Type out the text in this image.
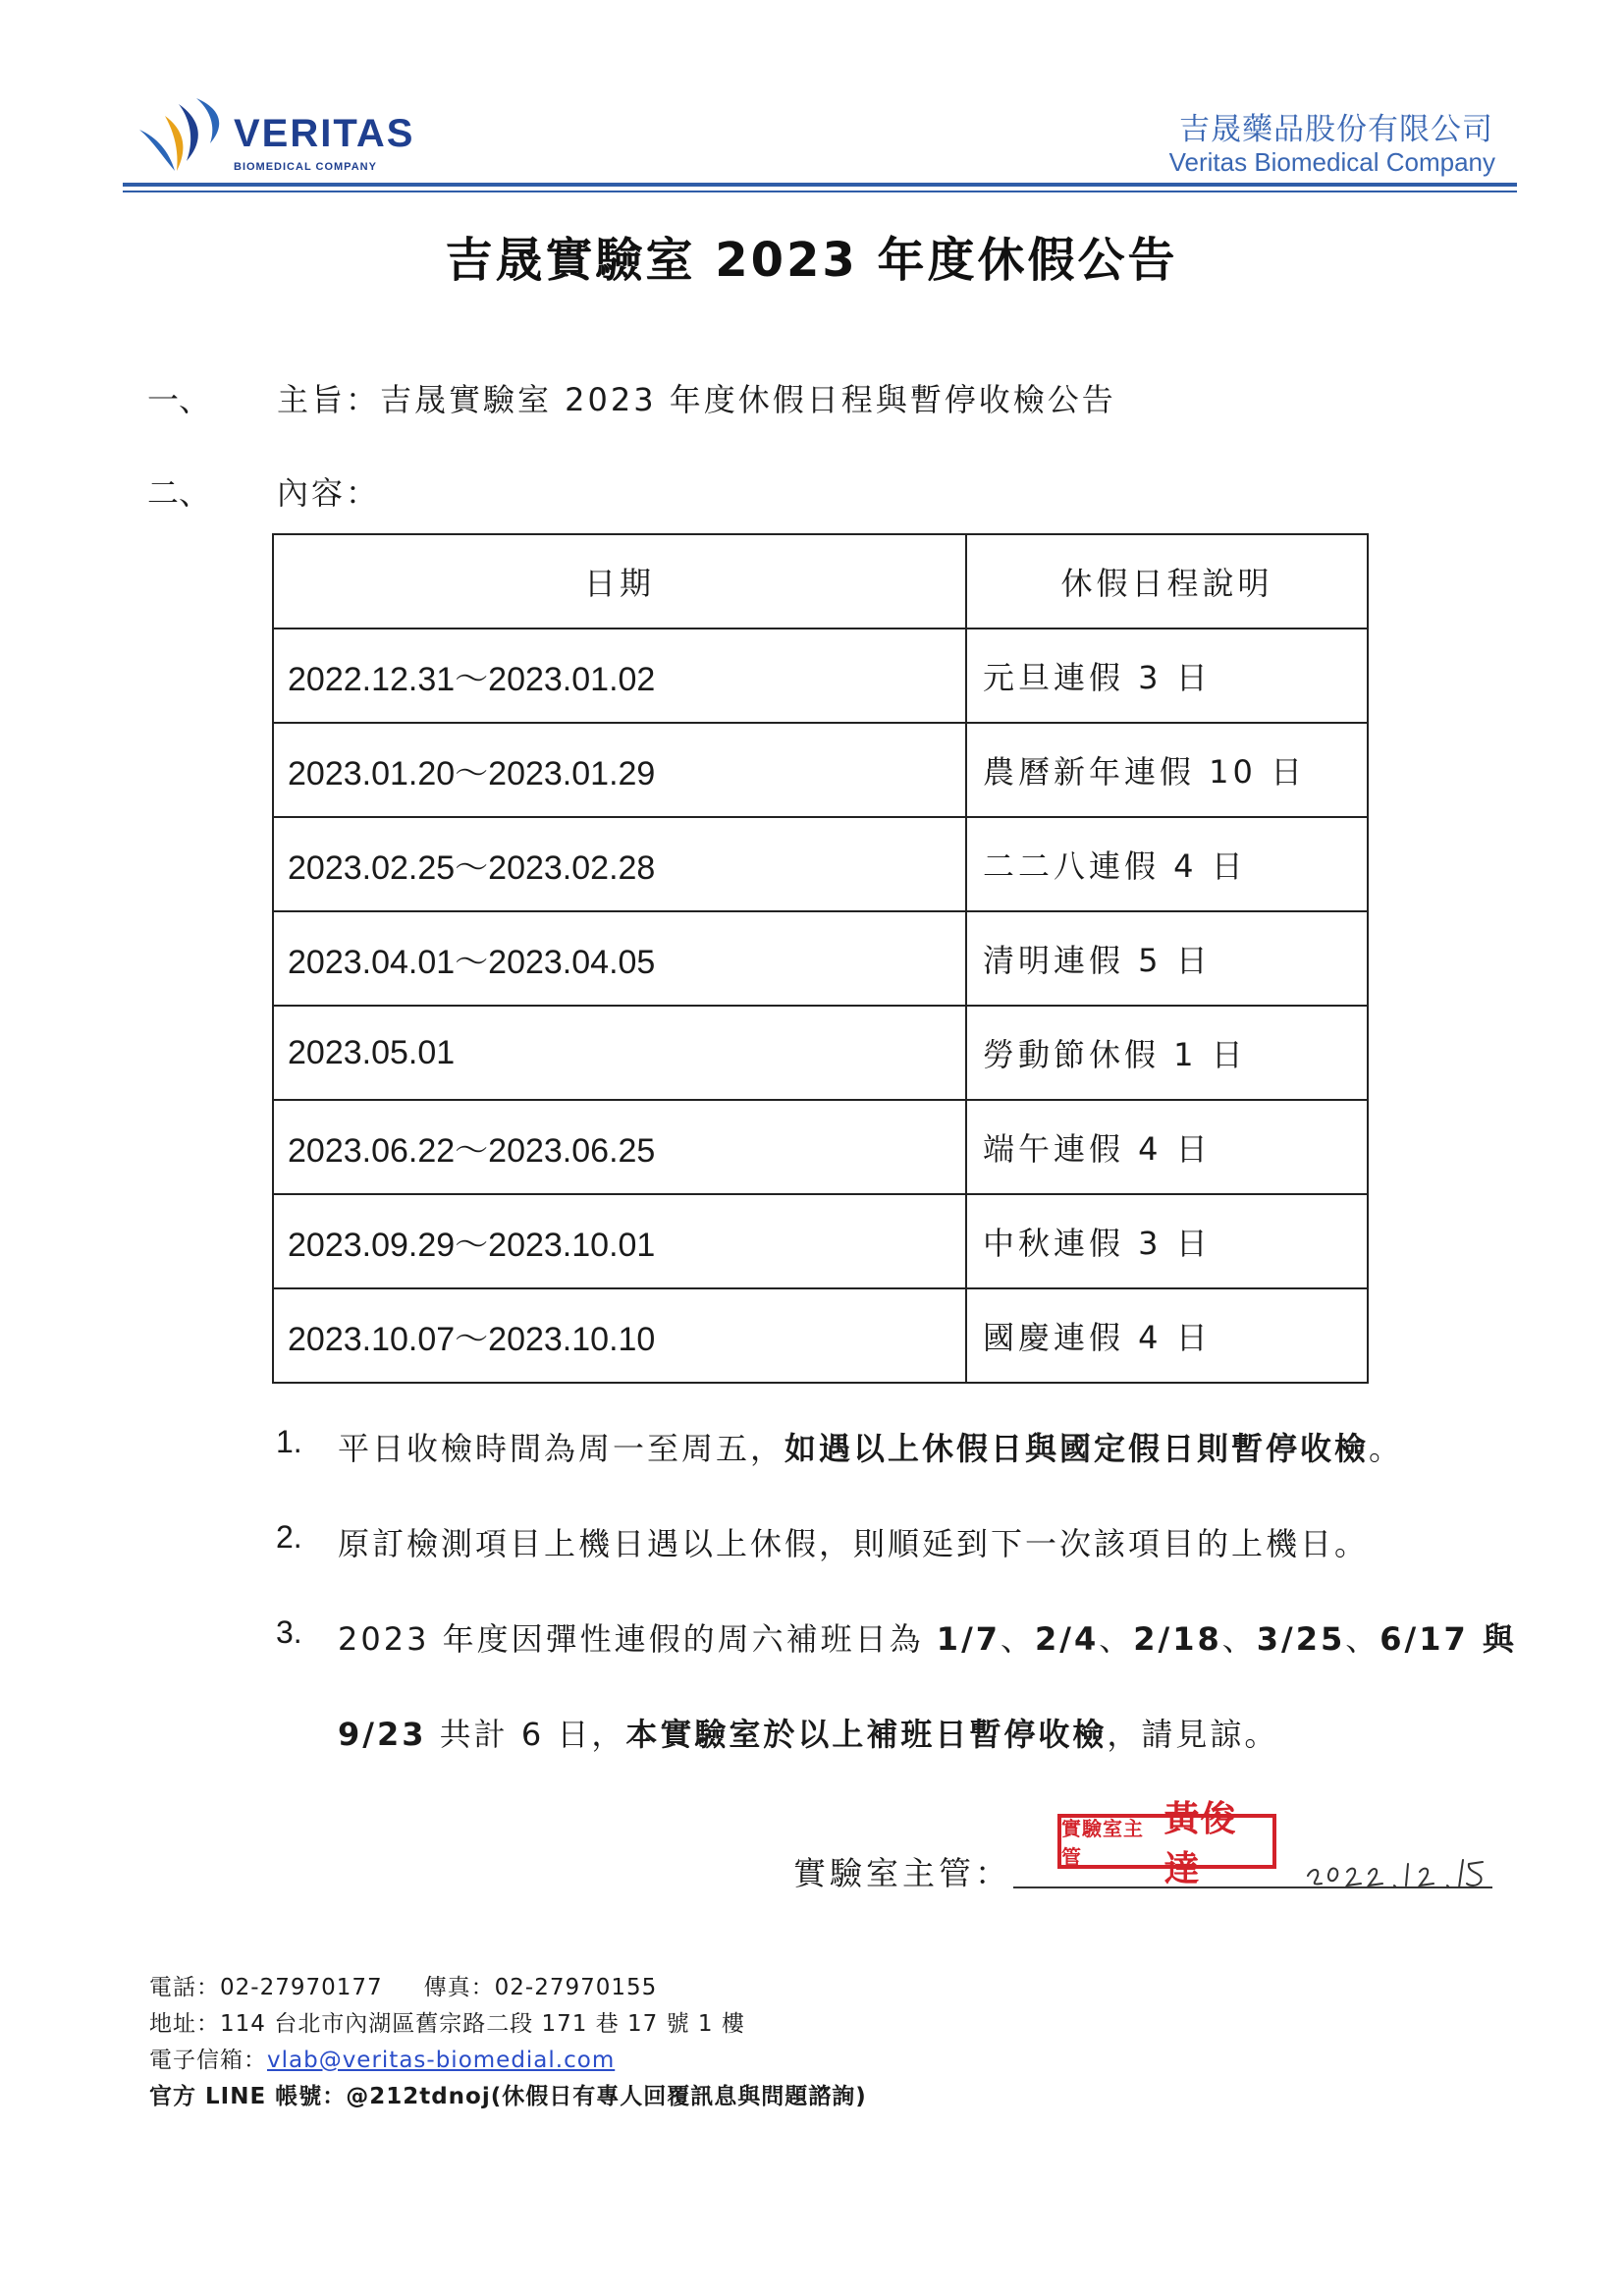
VERITAS
BIOMEDICAL COMPANY
吉晟藥品股份有限公司
Veritas Biomedical Company
吉晟實驗室 2023 年度休假公告
一、 主旨：吉晟實驗室 2023 年度休假日程與暫停收檢公告
二、 內容：
日期	休假日程說明
2022.12.31～2023.01.02	元旦連假 3 日
2023.01.20～2023.01.29	農曆新年連假 10 日
2023.02.25～2023.02.28	二二八連假 4 日
2023.04.01～2023.04.05	清明連假 5 日
2023.05.01	勞動節休假 1 日
2023.06.22～2023.06.25	端午連假 4 日
2023.09.29～2023.10.01	中秋連假 3 日
2023.10.07～2023.10.10	國慶連假 4 日
1. 平日收檢時間為周一至周五，如遇以上休假日與國定假日則暫停收檢。
2. 原訂檢測項目上機日遇以上休假，則順延到下一次該項目的上機日。
3. 2023 年度因彈性連假的周六補班日為 1/7、2/4、2/18、3/25、6/17 與
9/23 共計 6 日，本實驗室於以上補班日暫停收檢，請見諒。
實驗室主管：
實驗室主管
黃俊達
電話：02-27970177 傳真：02-27970155
地址：114 台北市內湖區舊宗路二段 171 巷 17 號 1 樓
電子信箱：vlab@veritas-biomedial.com
官方 LINE 帳號：@212tdnoj(休假日有專人回覆訊息與問題諮詢)
